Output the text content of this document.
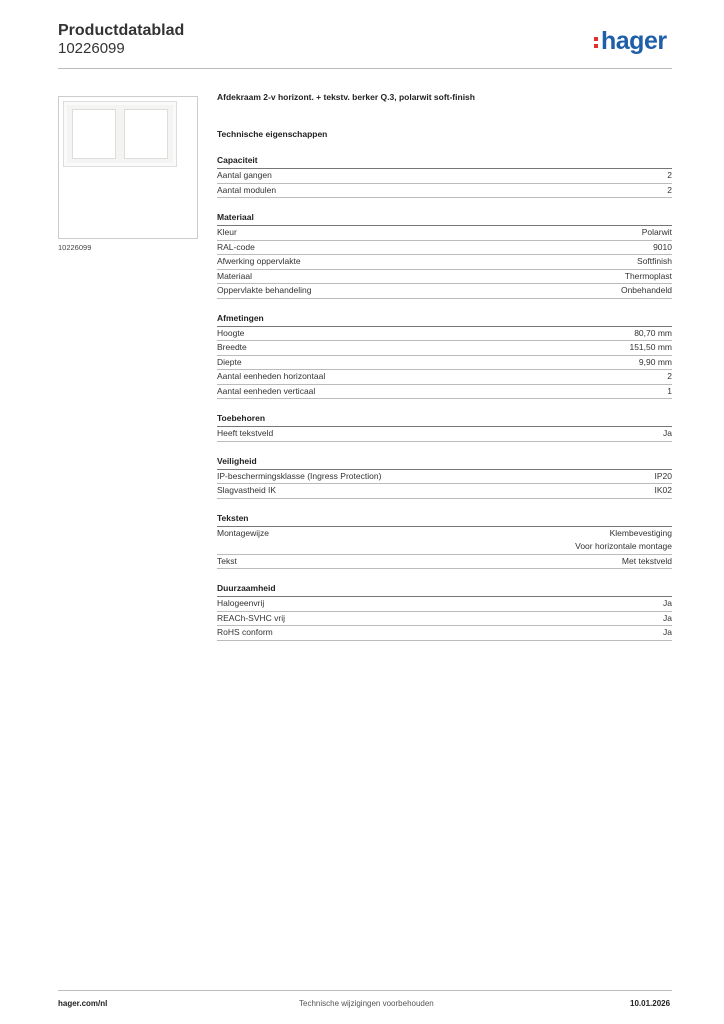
Productdatablad
10226099	hager
10226099
Afdekraam 2-v horizont. + tekstv. berker Q.3, polarwit soft-finish
Technische eigenschappen
Capaciteit
Aantal gangen	2
Aantal modulen	2
Materiaal
Kleur	Polarwit
RAL-code	9010
Afwerking oppervlakte	Softfinish
Materiaal	Thermoplast
Oppervlakte behandeling	Onbehandeld
Afmetingen
Hoogte	80,70 mm
Breedte	151,50 mm
Diepte	9,90 mm
Aantal eenheden horizontaal	2
Aantal eenheden verticaal	1
Toebehoren
Heeft tekstveld	Ja
Veiligheid
IP-beschermingsklasse (Ingress Protection)	IP20
Slagvastheid IK	IK02
Teksten
Montagewijze	Klembevestiging
Voor horizontale montage
Tekst	Met tekstveld
Duurzaamheid
Halogeenvrij	Ja
REACh-SVHC vrij	Ja
RoHS conform	Ja
hager.com/nl	Technische wijzigingen voorbehouden	10.01.2026
